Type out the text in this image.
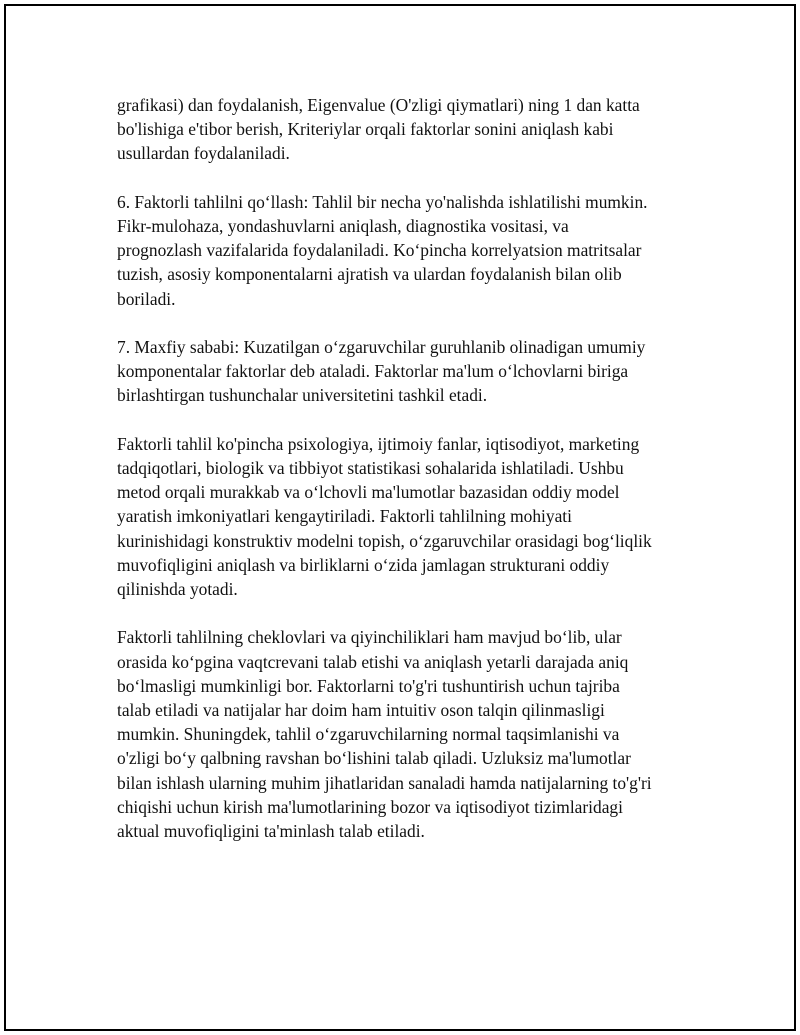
grafikasi) dan foydalanish, Eigenvalue (O'zligi qiymatlari) ning 1 dan katta
bo'lishiga e'tibor berish, Kriteriylar orqali faktorlar sonini aniqlash kabi
usullardan foydalaniladi.
6. Faktorli tahlilni qo‘llash: Tahlil bir necha yo'nalishda ishlatilishi mumkin.
Fikr-mulohaza, yondashuvlarni aniqlash, diagnostika vositasi, va
prognozlash vazifalarida foydalaniladi. Ko‘pincha korrelyatsion matritsalar
tuzish, asosiy komponentalarni ajratish va ulardan foydalanish bilan olib
boriladi.
7. Maxfiy sababi: Kuzatilgan o‘zgaruvchilar guruhlanib olinadigan umumiy
komponentalar faktorlar deb ataladi. Faktorlar ma'lum o‘lchovlarni biriga
birlashtirgan tushunchalar universitetini tashkil etadi.
Faktorli tahlil ko'pincha psixologiya, ijtimoiy fanlar, iqtisodiyot, marketing
tadqiqotlari, biologik va tibbiyot statistikasi sohalarida ishlatiladi. Ushbu
metod orqali murakkab va o‘lchovli ma'lumotlar bazasidan oddiy model
yaratish imkoniyatlari kengaytiriladi. Faktorli tahlilning mohiyati
kurinishidagi konstruktiv modelni topish, o‘zgaruvchilar orasidagi bog‘liqlik
muvofiqligini aniqlash va birliklarni o‘zida jamlagan strukturani oddiy
qilinishda yotadi.
Faktorli tahlilning cheklovlari va qiyinchiliklari ham mavjud bo‘lib, ular
orasida ko‘pgina vaqtcrevani talab etishi va aniqlash yetarli darajada aniq
bo‘lmasligi mumkinligi bor. Faktorlarni to'g'ri tushuntirish uchun tajriba
talab etiladi va natijalar har doim ham intuitiv oson talqin qilinmasligi
mumkin. Shuningdek, tahlil o‘zgaruvchilarning normal taqsimlanishi va
o'zligi bo‘y qalbning ravshan bo‘lishini talab qiladi. Uzluksiz ma'lumotlar
bilan ishlash ularning muhim jihatlaridan sanaladi hamda natijalarning to'g'ri
chiqishi uchun kirish ma'lumotlarining bozor va iqtisodiyot tizimlaridagi
aktual muvofiqligini ta'minlash talab etiladi.
